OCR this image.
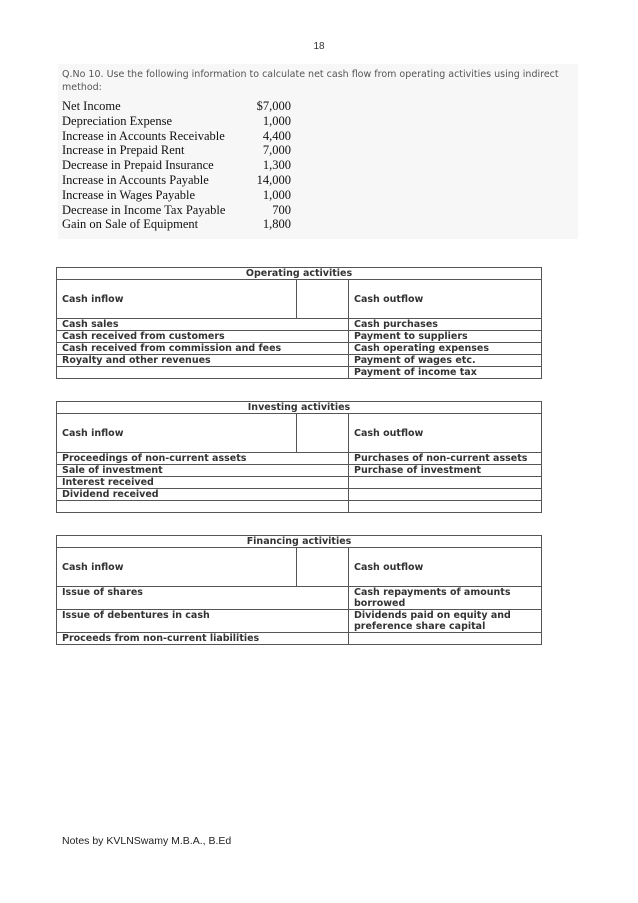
18
Q.No 10. Use the following information to calculate net cash flow from operating activities using indirect method:
Net Income	$7,000
Depreciation Expense	1,000
Increase in Accounts Receivable	4,400
Increase in Prepaid Rent	7,000
Decrease in Prepaid Insurance	1,300
Increase in Accounts Payable	14,000
Increase in Wages Payable	1,000
Decrease in Income Tax Payable	700
Gain on Sale of Equipment	1,800
Operating activities		
Cash inflow		Cash outflow
Cash sales		Cash purchases
Cash received from customers		Payment to suppliers
Cash received from commission and fees		Cash operating expenses
Royalty and other revenues		Payment of wages etc.
		Payment of income tax
Investing activities		
Cash inflow		Cash outflow
Proceedings of non-current assets		Purchases of non-current assets
Sale of investment		Purchase of investment
Interest received		
Dividend received		

Financing activities		
Cash inflow		Cash outflow
Issue of shares		Cash repayments of amounts borrowed
Issue of debentures in cash		Dividends paid on equity and preference share capital
Proceeds from non-current liabilities		
Notes by KVLNSwamy M.B.A., B.Ed
